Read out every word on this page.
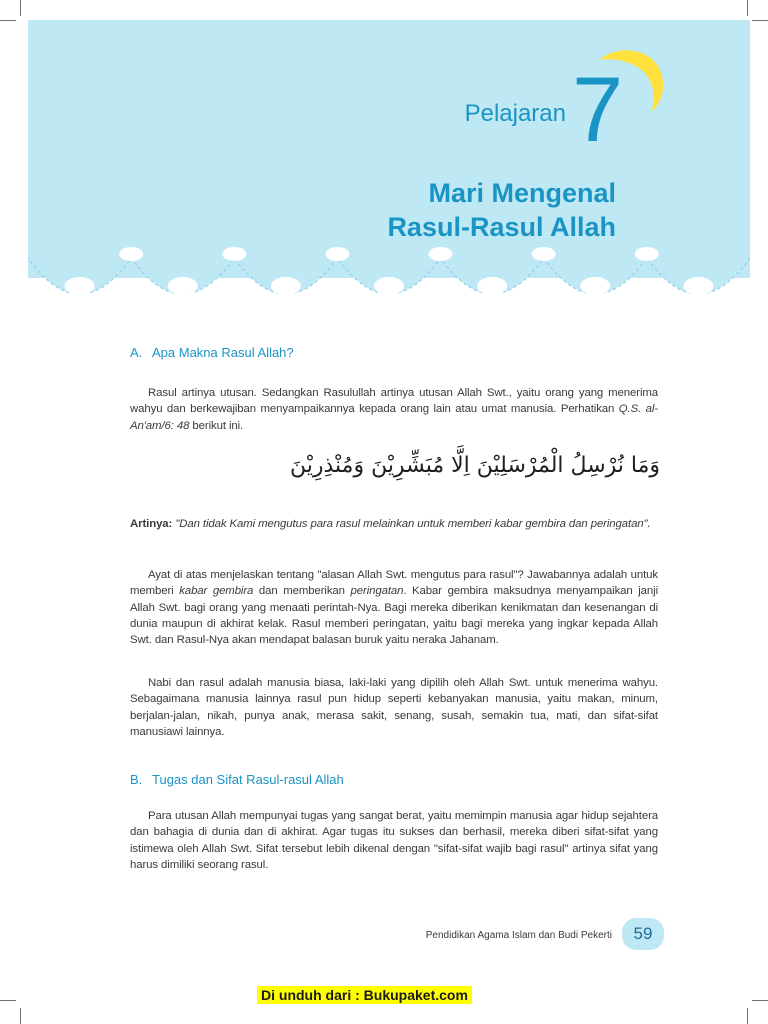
Pelajaran 7
Mari Mengenal
Rasul-Rasul Allah
A. Apa Makna Rasul Allah?
Rasul artinya utusan. Sedangkan Rasulullah artinya utusan Allah Swt., yaitu orang yang menerima wahyu dan berkewajiban menyampaikannya kepada orang lain atau umat manusia. Perhatikan Q.S. al-An'am/6: 48 berikut ini.
وَمَا نُرْسِلُ الْمُرْسَلِيْنَ اِلَّا مُبَشِّرِيْنَ وَمُنْذِرِيْنَ
Artinya: "Dan tidak Kami mengutus para rasul melainkan untuk memberi kabar gembira dan peringatan".
Ayat di atas menjelaskan tentang "alasan Allah Swt. mengutus para rasul"? Jawabannya adalah untuk memberi kabar gembira dan memberikan peringatan. Kabar gembira maksudnya menyampaikan janji Allah Swt. bagi orang yang menaati perintah-Nya. Bagi mereka diberikan kenikmatan dan kesenangan di dunia maupun di akhirat kelak. Rasul memberi peringatan, yaitu bagi mereka yang ingkar kepada Allah Swt. dan Rasul-Nya akan mendapat balasan buruk yaitu neraka Jahanam.
Nabi dan rasul adalah manusia biasa, laki-laki yang dipilih oleh Allah Swt. untuk menerima wahyu. Sebagaimana manusia lainnya rasul pun hidup seperti kebanyakan manusia, yaitu makan, minum, berjalan-jalan, nikah, punya anak, merasa sakit, senang, susah, semakin tua, mati, dan sifat-sifat manusiawi lainnya.
B. Tugas dan Sifat Rasul-rasul Allah
Para utusan Allah mempunyai tugas yang sangat berat, yaitu memimpin manusia agar hidup sejahtera dan bahagia di dunia dan di akhirat. Agar tugas itu sukses dan berhasil, mereka diberi sifat-sifat yang istimewa oleh Allah Swt. Sifat tersebut lebih dikenal dengan "sifat-sifat wajib bagi rasul" artinya sifat yang harus dimiliki seorang rasul.
Pendidikan Agama Islam dan Budi Pekerti	59
Di unduh dari : Bukupaket.com
